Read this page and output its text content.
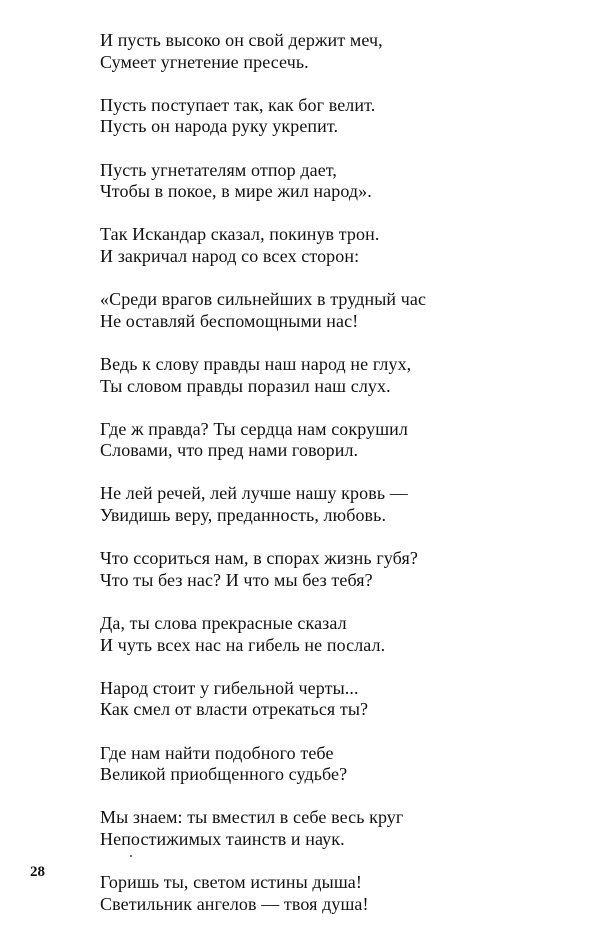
И пусть высоко он свой держит меч,
Сумеет угнетение пресечь.
Пусть поступает так, как бог велит.
Пусть он народа руку укрепит.
Пусть угнетателям отпор дает,
Чтобы в покое, в мире жил народ».
Так Искандар сказал, покинув трон.
И закричал народ со всех сторон:
«Среди врагов сильнейших в трудный час
Не оставляй беспомощными нас!
Ведь к слову правды наш народ не глух,
Ты словом правды поразил наш слух.
Где ж правда? Ты сердца нам сокрушил
Словами, что пред нами говорил.
Не лей речей, лей лучше нашу кровь —
Увидишь веру, преданность, любовь.
Что ссориться нам, в спорах жизнь губя?
Что ты без нас? И что мы без тебя?
Да, ты слова прекрасные сказал
И чуть всех нас на гибель не послал.
Народ стоит у гибельной черты...
Как смел от власти отрекаться ты?
Где нам найти подобного тебе
Великой приобщенного судьбе?
Мы знаем: ты вместил в себе весь круг
Непостижимых таинств и наук.
Горишь ты, светом истины дыша!
Светильник ангелов — твоя душа!
28
